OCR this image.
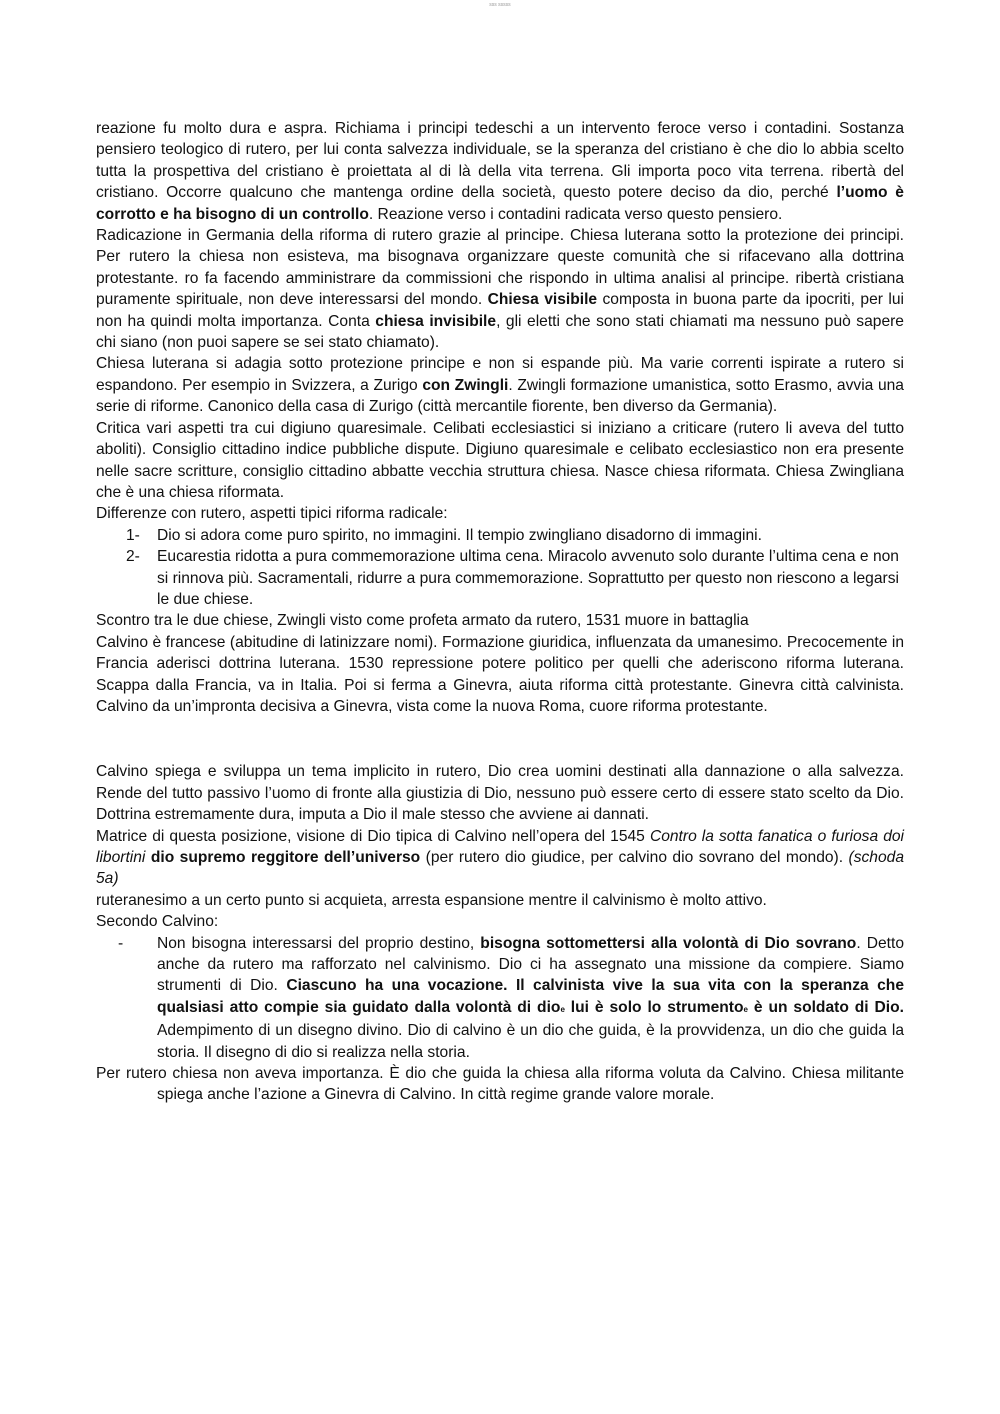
sss sssss

reazione fu molto dura e aspra. Richiama i principi tedeschi a un intervento feroce verso i contadini. Sostanza pensiero teologico di rutero, per lui conta salvezza individuale, se la speranza del cristiano è che dio lo abbia scelto tutta la prospettiva del cristiano è proiettata al di là della vita terrena. Gli importa poco vita terrena. ribertà del cristiano. Occorre qualcuno che mantenga ordine della società, questo potere deciso da dio, perché l’uomo è corrotto e ha bisogno di un controllo. Reazione verso i contadini radicata verso questo pensiero.

Radicazione in Germania della riforma di rutero grazie al principe. Chiesa luterana sotto la protezione dei principi. Per rutero la chiesa non esisteva, ma bisognava organizzare queste comunità che si rifacevano alla dottrina protestante. ro fa facendo amministrare da commissioni che rispondo in ultima analisi al principe. ribertà cristiana puramente spirituale, non deve interessarsi del mondo. Chiesa visibile composta in buona parte da ipocriti, per lui non ha quindi molta importanza. Conta chiesa invisibile, gli eletti che sono stati chiamati ma nessuno può sapere chi siano (non puoi sapere se sei stato chiamato).

Chiesa luterana si adagia sotto protezione principe e non si espande più. Ma varie correnti ispirate a rutero si espandono. Per esempio in Svizzera, a Zurigo con Zwingli. Zwingli formazione umanistica, sotto Erasmo, avvia una serie di riforme. Canonico della casa di Zurigo (città mercantile fiorente, ben diverso da Germania).

Critica vari aspetti tra cui digiuno quaresimale. Celibati ecclesiastici si iniziano a criticare (rutero li aveva del tutto aboliti). Consiglio cittadino indice pubbliche dispute. Digiuno quaresimale e celibato ecclesiastico non era presente nelle sacre scritture, consiglio cittadino abbatte vecchia struttura chiesa. Nasce chiesa riformata. Chiesa Zwingliana che è una chiesa riformata.

Differenze con rutero, aspetti tipici riforma radicale:

1- Dio si adora come puro spirito, no immagini. Il tempio zwingliano disadorno di immagini.
2- Eucarestia ridotta a pura commemorazione ultima cena. Miracolo avvenuto solo durante l’ultima cena e non si rinnova più. Sacramentali, ridurre a pura commemorazione. Soprattutto per questo non riescono a legarsi le due chiese.

Scontro tra le due chiese, Zwingli visto come profeta armato da rutero, 1531 muore in battaglia

Calvino è francese (abitudine di latinizzare nomi). Formazione giuridica, influenzata da umanesimo. Precocemente in Francia aderisci dottrina luterana. 1530 repressione potere politico per quelli che aderiscono riforma luterana. Scappa dalla Francia, va in Italia. Poi si ferma a Ginevra, aiuta riforma città protestante. Ginevra città calvinista. Calvino da un’impronta decisiva a Ginevra, vista come la nuova Roma, cuore riforma protestante.

Calvino spiega e sviluppa un tema implicito in rutero, Dio crea uomini destinati alla dannazione o alla salvezza. Rende del tutto passivo l’uomo di fronte alla giustizia di Dio, nessuno può essere certo di essere stato scelto da Dio. Dottrina estremamente dura, imputa a Dio il male stesso che avviene ai dannati.

Matrice di questa posizione, visione di Dio tipica di Calvino nell’opera del 1545 Contro la sotta fanatica o furiosa doi libortini dio supremo reggitore dell’universo (per rutero dio giudice, per calvino dio sovrano del mondo). (schoda 5a)

ruteranesimo a un certo punto si acquieta, arresta espansione mentre il calvinismo è molto attivo.

Secondo Calvino:

- Non bisogna interessarsi del proprio destino, bisogna sottomettersi alla volontà di Dio sovrano. Detto anche da rutero ma rafforzato nel calvinismo. Dio ci ha assegnato una missione da compiere. Siamo strumenti di Dio. Ciascuno ha una vocazione. Il calvinista vive la sua vita con la speranza che qualsiasi atto compie sia guidato dalla volontà di dioe lui è solo lo strumentoe è un soldato di Dio. Adempimento di un disegno divino. Dio di calvino è un dio che guida, è la provvidenza, un dio che guida la storia. Il disegno di dio si realizza nella storia.

Per rutero chiesa non aveva importanza. È dio che guida la chiesa alla riforma voluta da Calvino. Chiesa militante spiega anche l’azione a Ginevra di Calvino. In città regime grande valore morale.
